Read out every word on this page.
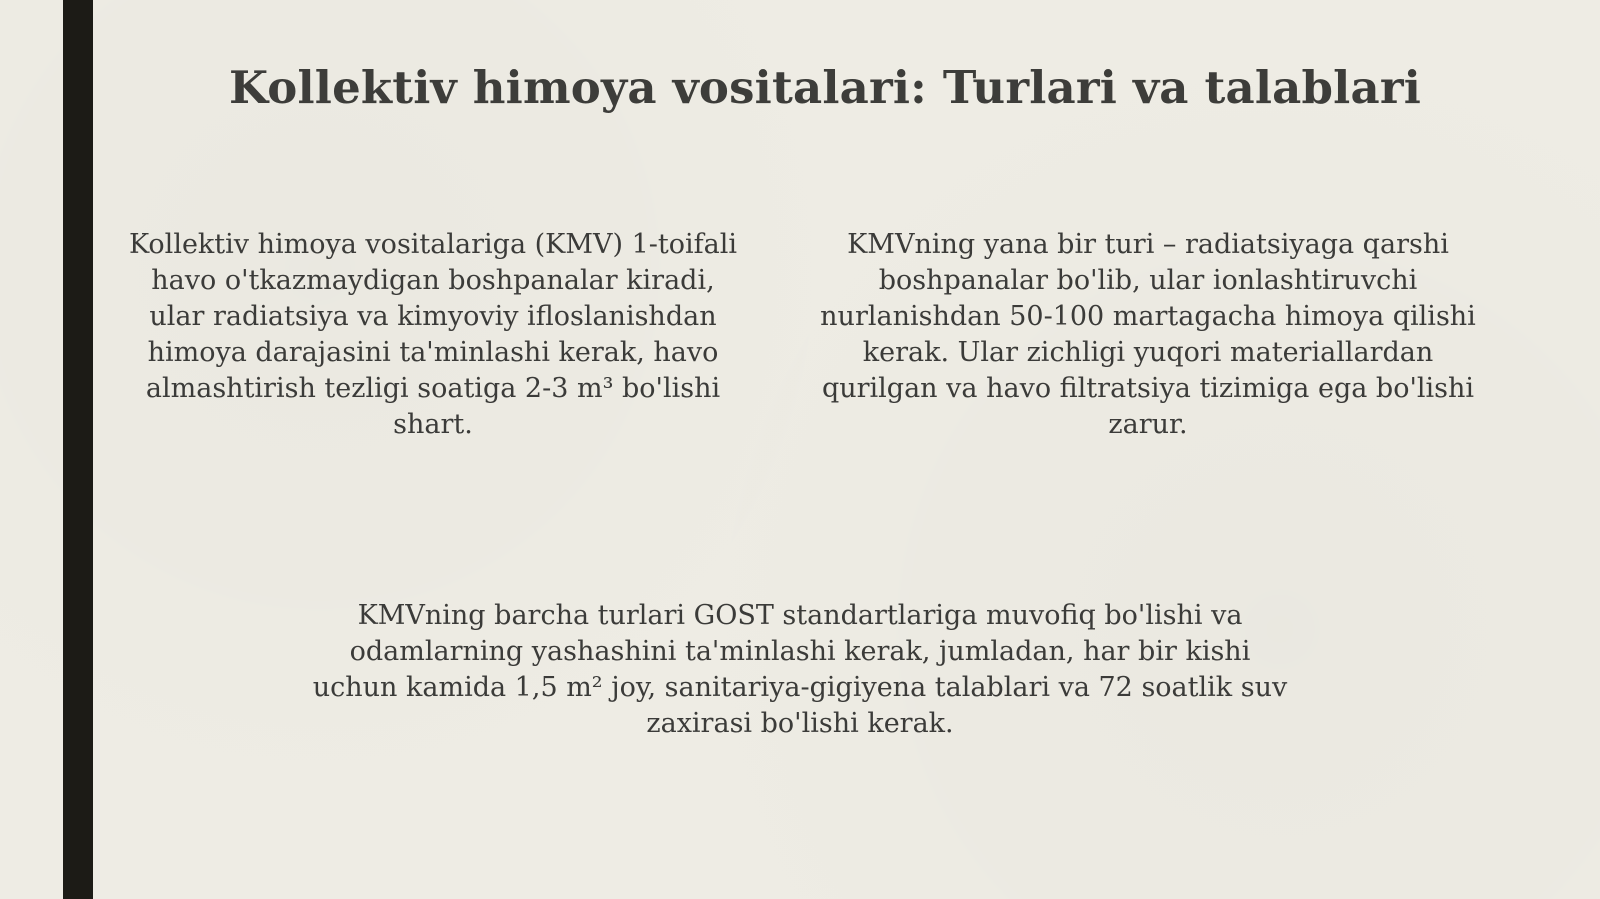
Kollektiv himoya vositalari: Turlari va talablari
Kollektiv himoya vositalariga (KMV) 1-toifali
havo o'tkazmaydigan boshpanalar kiradi,
ular radiatsiya va kimyoviy ifloslanishdan
himoya darajasini ta'minlashi kerak, havo
almashtirish tezligi soatiga 2-3 m³ bo'lishi
shart.
KMVning yana bir turi – radiatsiyaga qarshi
boshpanalar bo'lib, ular ionlashtiruvchi
nurlanishdan 50-100 martagacha himoya qilishi
kerak. Ular zichligi yuqori materiallardan
qurilgan va havo filtratsiya tizimiga ega bo'lishi
zarur.
KMVning barcha turlari GOST standartlariga muvofiq bo'lishi va
odamlarning yashashini ta'minlashi kerak, jumladan, har bir kishi
uchun kamida 1,5 m² joy, sanitariya-gigiyena talablari va 72 soatlik suv
zaxirasi bo'lishi kerak.
